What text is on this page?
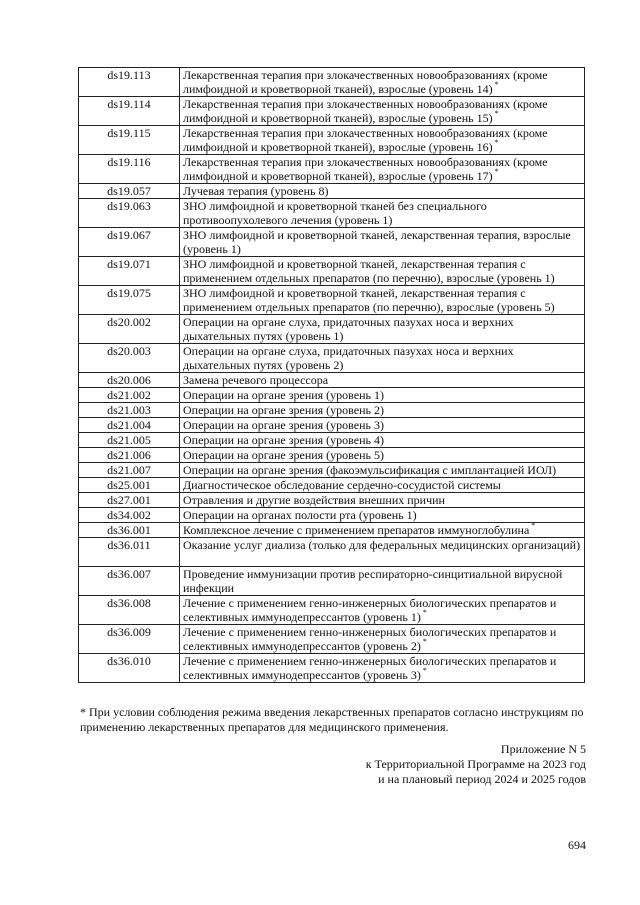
ds19.113	Лекарственная терапия при злокачественных новообразованиях (кроме лимфоидной и кроветворной тканей), взрослые (уровень 14) *
ds19.114	Лекарственная терапия при злокачественных новообразованиях (кроме лимфоидной и кроветворной тканей), взрослые (уровень 15) *
ds19.115	Лекарственная терапия при злокачественных новообразованиях (кроме лимфоидной и кроветворной тканей), взрослые (уровень 16) *
ds19.116	Лекарственная терапия при злокачественных новообразованиях (кроме лимфоидной и кроветворной тканей), взрослые (уровень 17) *
ds19.057	Лучевая терапия (уровень 8)
ds19.063	ЗНО лимфоидной и кроветворной тканей без специального противоопухолевого лечения (уровень 1)
ds19.067	ЗНО лимфоидной и кроветворной тканей, лекарственная терапия, взрослые (уровень 1)
ds19.071	ЗНО лимфоидной и кроветворной тканей, лекарственная терапия с применением отдельных препаратов (по перечню), взрослые (уровень 1)
ds19.075	ЗНО лимфоидной и кроветворной тканей, лекарственная терапия с применением отдельных препаратов (по перечню), взрослые (уровень 5)
ds20.002	Операции на органе слуха, придаточных пазухах носа и верхних дыхательных путях (уровень 1)
ds20.003	Операции на органе слуха, придаточных пазухах носа и верхних дыхательных путях (уровень 2)
ds20.006	Замена речевого процессора
ds21.002	Операции на органе зрения (уровень 1)
ds21.003	Операции на органе зрения (уровень 2)
ds21.004	Операции на органе зрения (уровень 3)
ds21.005	Операции на органе зрения (уровень 4)
ds21.006	Операции на органе зрения (уровень 5)
ds21.007	Операции на органе зрения (факоэмульсификация с имплантацией ИОЛ)
ds25.001	Диагностическое обследование сердечно-сосудистой системы
ds27.001	Отравления и другие воздействия внешних причин
ds34.002	Операции на органах полости рта (уровень 1)
ds36.001	Комплексное лечение с применением препаратов иммуноглобулина *
ds36.011	Оказание услуг диализа (только для федеральных медицинских организаций)
ds36.007	Проведение иммунизации против респираторно-синцитиальной вирусной инфекции
ds36.008	Лечение с применением генно-инженерных биологических препаратов и селективных иммунодепрессантов (уровень 1) *
ds36.009	Лечение с применением генно-инженерных биологических препаратов и селективных иммунодепрессантов (уровень 2) *
ds36.010	Лечение с применением генно-инженерных биологических препаратов и селективных иммунодепрессантов (уровень 3) *
* При условии соблюдения режима введения лекарственных препаратов согласно инструкциям по применению лекарственных препаратов для медицинского применения.
Приложение N 5
к Территориальной Программе на 2023 год
и на плановый период 2024 и 2025 годов
694
